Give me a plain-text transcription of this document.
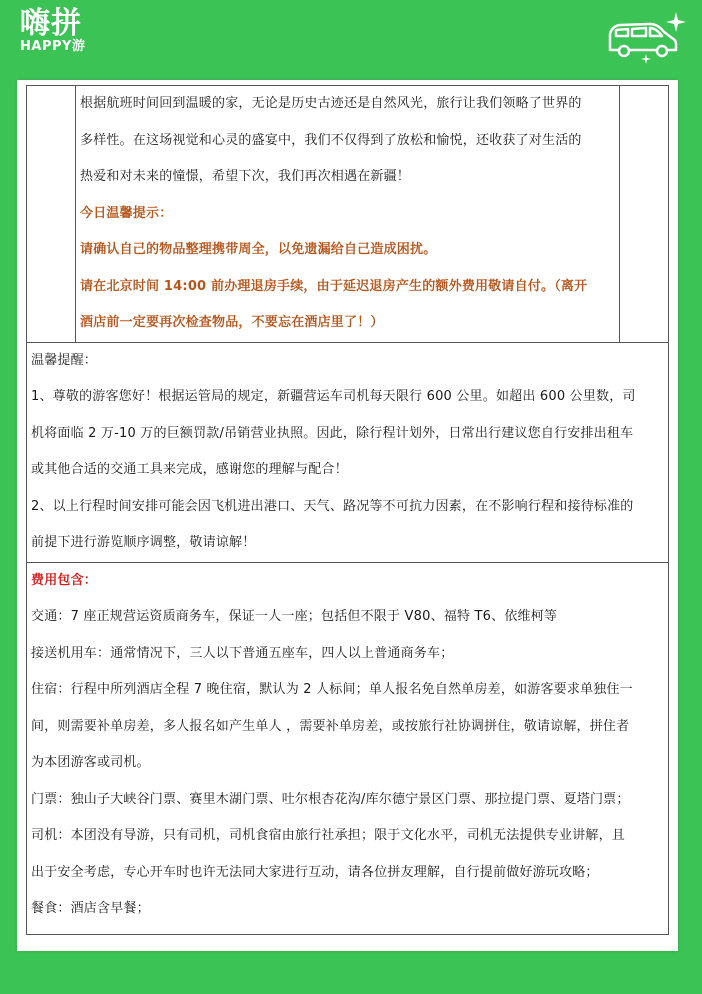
嗨拼
HAPPY游

根据航班时间回到温暖的家，无论是历史古迹还是自然风光，旅行让我们领略了世界的

多样性。在这场视觉和心灵的盛宴中，我们不仅得到了放松和愉悦，还收获了对生活的

热爱和对未来的憧憬，希望下次，我们再次相遇在新疆！

今日温馨提示：

请确认自己的物品整理携带周全，以免遗漏给自己造成困扰。

请在北京时间 14:00 前办理退房手续，由于延迟退房产生的额外费用敬请自付。（离开

酒店前一定要再次检查物品，不要忘在酒店里了！）

温馨提醒：

1、尊敬的游客您好！根据运管局的规定，新疆营运车司机每天限行 600 公里。如超出 600 公里数，司

机将面临 2 万-10 万的巨额罚款/吊销营业执照。因此，除行程计划外，日常出行建议您自行安排出租车

或其他合适的交通工具来完成，感谢您的理解与配合！

2、以上行程时间安排可能会因飞机进出港口、天气、路况等不可抗力因素，在不影响行程和接待标准的

前提下进行游览顺序调整，敬请谅解！

费用包含：

交通：7 座正规营运资质商务车，保证一人一座；包括但不限于 V80、福特 T6、依维柯等

接送机用车：通常情况下，三人以下普通五座车，四人以上普通商务车；

住宿：行程中所列酒店全程 7 晚住宿，默认为 2 人标间；单人报名免自然单房差，如游客要求单独住一

间，则需要补单房差，多人报名如产生单人 ，需要补单房差，或按旅行社协调拼住，敬请谅解，拼住者

为本团游客或司机。

门票：独山子大峡谷门票、赛里木湖门票、吐尔根杏花沟/库尔德宁景区门票、那拉提门票、夏塔门票；

司机：本团没有导游，只有司机，司机食宿由旅行社承担；限于文化水平，司机无法提供专业讲解，且

出于安全考虑，专心开车时也许无法同大家进行互动，请各位拼友理解，自行提前做好游玩攻略；

餐食：酒店含早餐；
